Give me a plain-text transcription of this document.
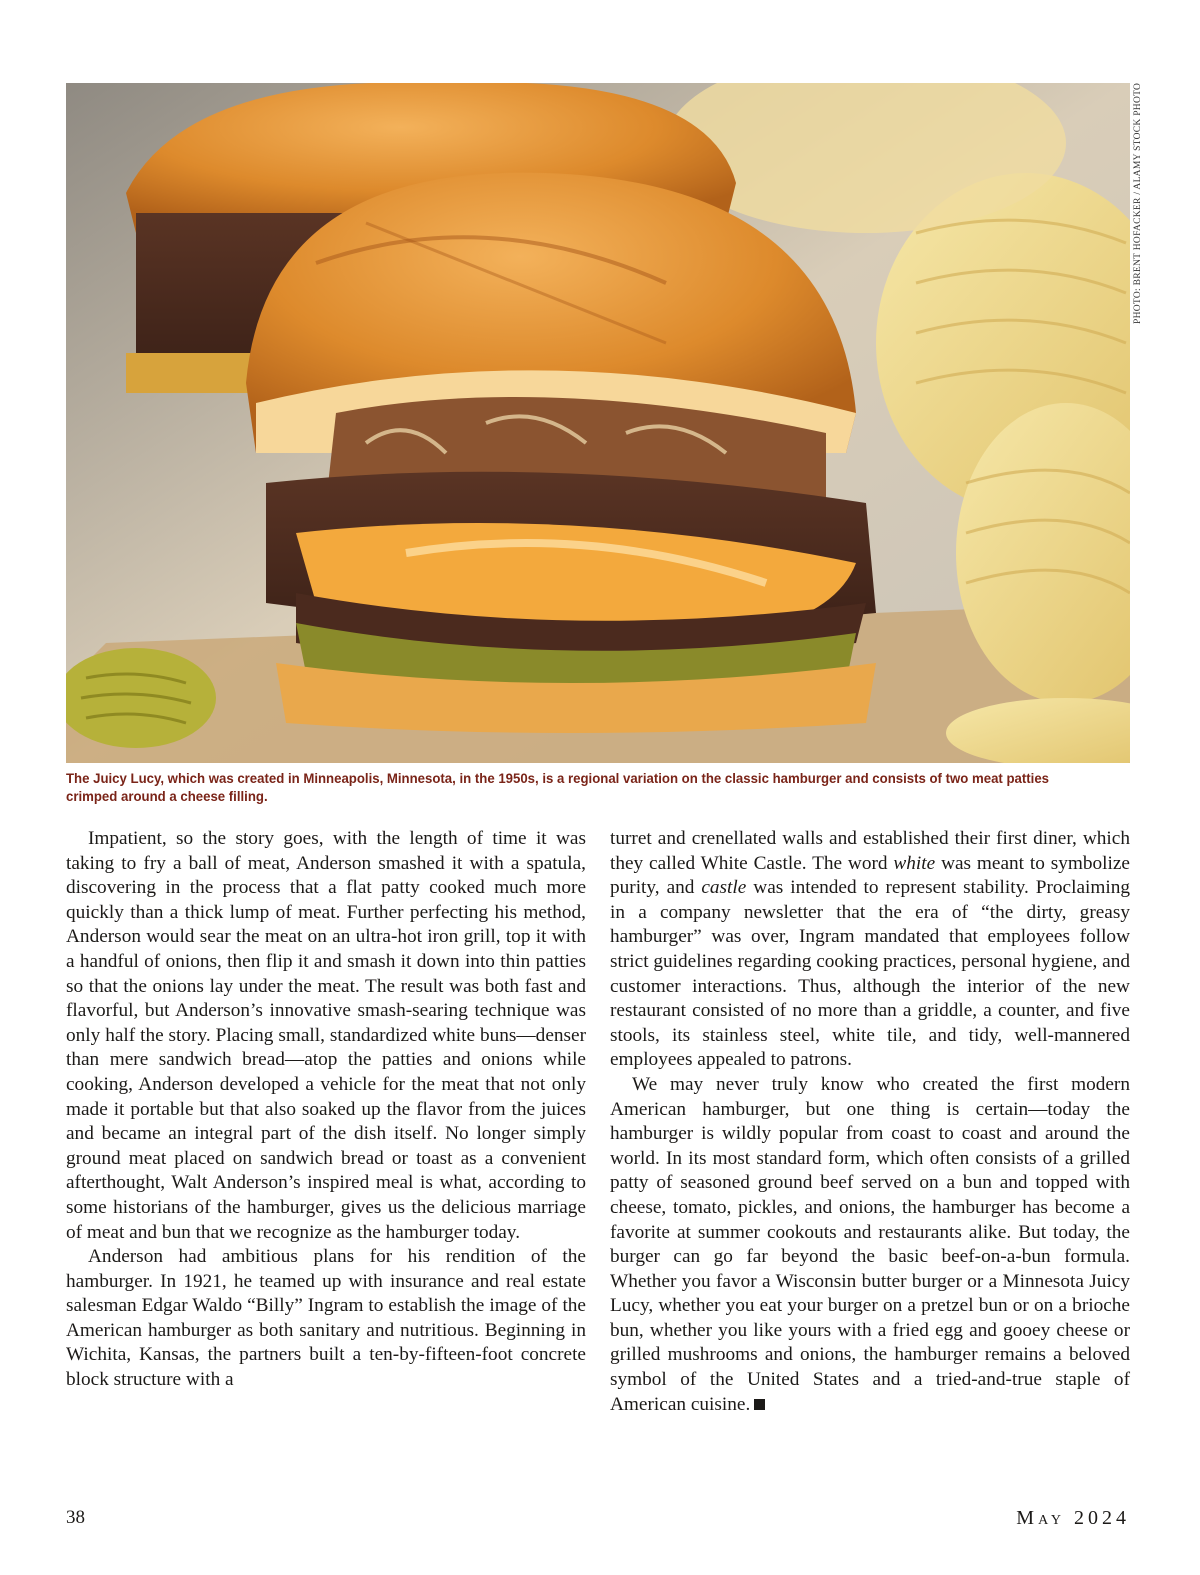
PHOTO: BRENT HOFACKER / ALAMY STOCK PHOTO
The Juicy Lucy, which was created in Minneapolis, Minnesota, in the 1950s, is a regional variation on the classic hamburger and consists of two meat patties crimped around a cheese filling.

Impatient, so the story goes, with the length of time it was taking to fry a ball of meat, Anderson smashed it with a spatula, discovering in the process that a flat patty cooked much more quickly than a thick lump of meat. Further perfecting his method, Anderson would sear the meat on an ultra-hot iron grill, top it with a handful of onions, then flip it and smash it down into thin patties so that the onions lay under the meat. The result was both fast and flavorful, but Anderson’s innovative smash-searing technique was only half the story. Placing small, standardized white buns—denser than mere sandwich bread—atop the patties and onions while cooking, Anderson developed a vehicle for the meat that not only made it portable but that also soaked up the flavor from the juices and became an integral part of the dish itself. No longer simply ground meat placed on sandwich bread or toast as a convenient afterthought, Walt Anderson’s inspired meal is what, according to some historians of the hamburger, gives us the delicious marriage of meat and bun that we recognize as the hamburger today.

Anderson had ambitious plans for his rendition of the hamburger. In 1921, he teamed up with insurance and real estate salesman Edgar Waldo “Billy” Ingram to establish the image of the American hamburger as both sanitary and nutritious. Beginning in Wichita, Kansas, the partners built a ten-by-fifteen-foot concrete block structure with a

turret and crenellated walls and established their first diner, which they called White Castle. The word white was meant to symbolize purity, and castle was intended to represent stability. Proclaiming in a company newsletter that the era of “the dirty, greasy hamburger” was over, Ingram mandated that employees follow strict guidelines regarding cooking practices, personal hygiene, and customer interactions. Thus, although the interior of the new restaurant consisted of no more than a griddle, a counter, and five stools, its stainless steel, white tile, and tidy, well-mannered employees appealed to patrons.

We may never truly know who created the first modern American hamburger, but one thing is certain—today the hamburger is wildly popular from coast to coast and around the world. In its most standard form, which often consists of a grilled patty of seasoned ground beef served on a bun and topped with cheese, tomato, pickles, and onions, the hamburger has become a favorite at summer cookouts and restaurants alike. But today, the burger can go far beyond the basic beef-on-a-bun formula. Whether you favor a Wisconsin butter burger or a Minnesota Juicy Lucy, whether you eat your burger on a pretzel bun or on a brioche bun, whether you like yours with a fried egg and gooey cheese or grilled mushrooms and onions, the hamburger remains a beloved symbol of the United States and a tried-and-true staple of American cuisine.

38	May 2024
